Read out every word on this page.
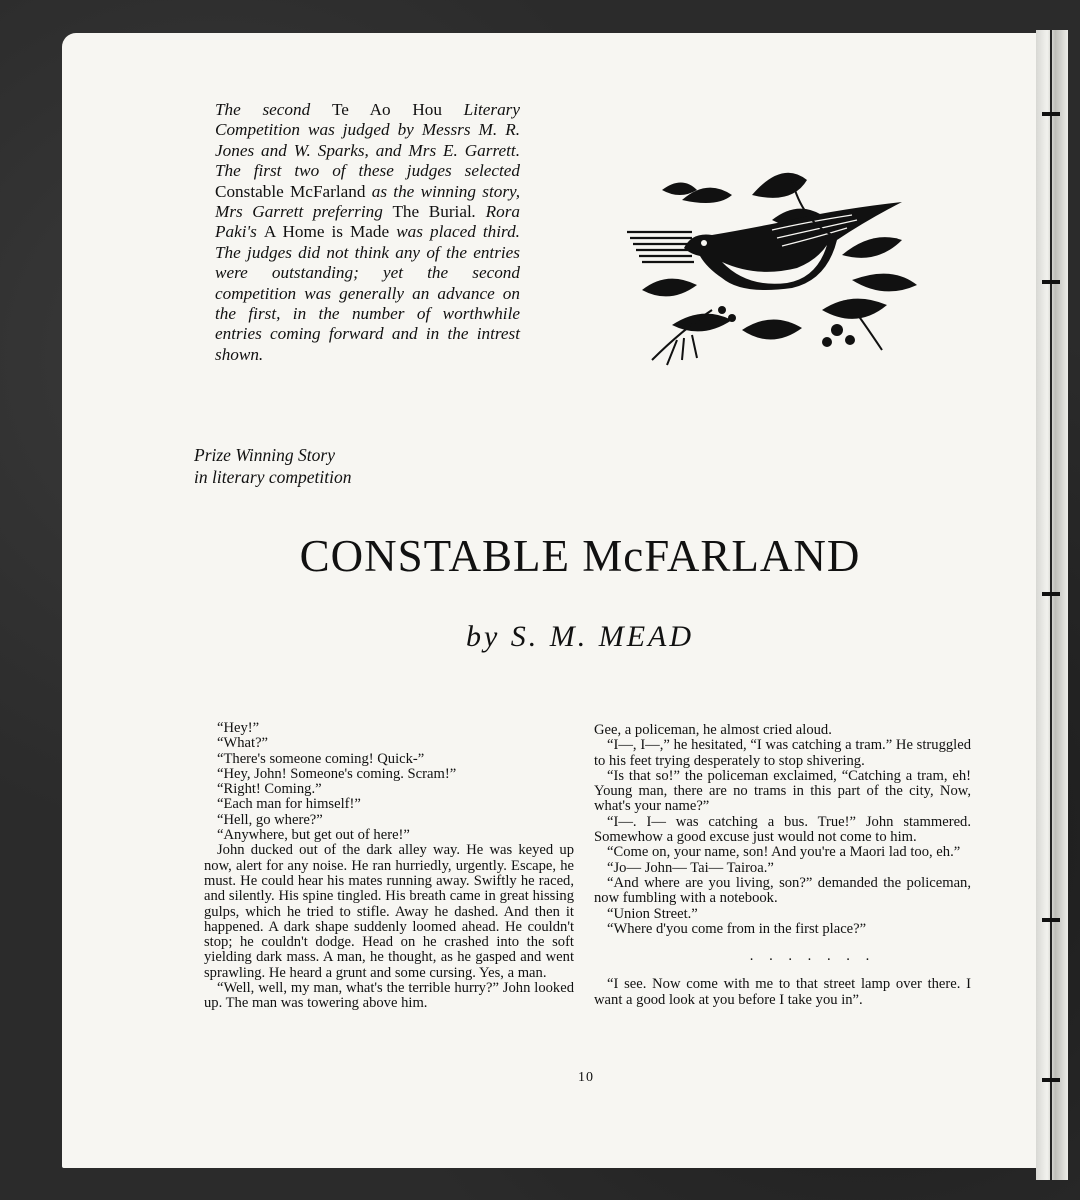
The second Te Ao Hou Literary Competition was judged by Messrs M. R. Jones and W. Sparks, and Mrs E. Garrett. The first two of these judges selected Constable McFarland as the winning story, Mrs Garrett preferring The Burial. Rora Paki's A Home is Made was placed third. The judges did not think any of the entries were outstanding; yet the second competition was generally an advance on the first, in the number of worthwhile entries coming forward and in the intrest shown.
Prize Winning Story
in literary competition
CONSTABLE McFARLAND
by S. M. MEAD

“Hey!”

“What?”

“There's someone coming! Quick-”

“Hey, John! Someone's coming. Scram!”

“Right! Coming.”

“Each man for himself!”

“Hell, go where?”

“Anywhere, but get out of here!”

John ducked out of the dark alley way. He was keyed up now, alert for any noise. He ran hurriedly, urgently. Escape, he must. He could hear his mates running away. Swiftly he raced, and silently. His spine tingled. His breath came in great hissing gulps, which he tried to stifle. Away he dashed. And then it happened. A dark shape suddenly loomed ahead. He couldn't stop; he couldn't dodge. Head on he crashed into the soft yielding dark mass. A man, he thought, as he gasped and went sprawling. He heard a grunt and some cursing. Yes, a man.

“Well, well, my man, what's the terrible hurry?” John looked up. The man was towering above him.

Gee, a policeman, he almost cried aloud.

“I—, I—,” he hesitated, “I was catching a tram.” He struggled to his feet trying desperately to stop shivering.

“Is that so!” the policeman exclaimed, “Catching a tram, eh! Young man, there are no trams in this part of the city, Now, what's your name?”

“I—. I— was catching a bus. True!” John stammered. Somewhow a good excuse just would not come to him.

“Come on, your name, son! And you're a Maori lad too, eh.”

“Jo— John— Tai— Tairoa.”

“And where are you living, son?” demanded the policeman, now fumbling with a notebook.

“Union Street.”

“Where d'you come from in the first place?”

. . . . . . .

“I see. Now come with me to that street lamp over there. I want a good look at you before I take you in”.

10
